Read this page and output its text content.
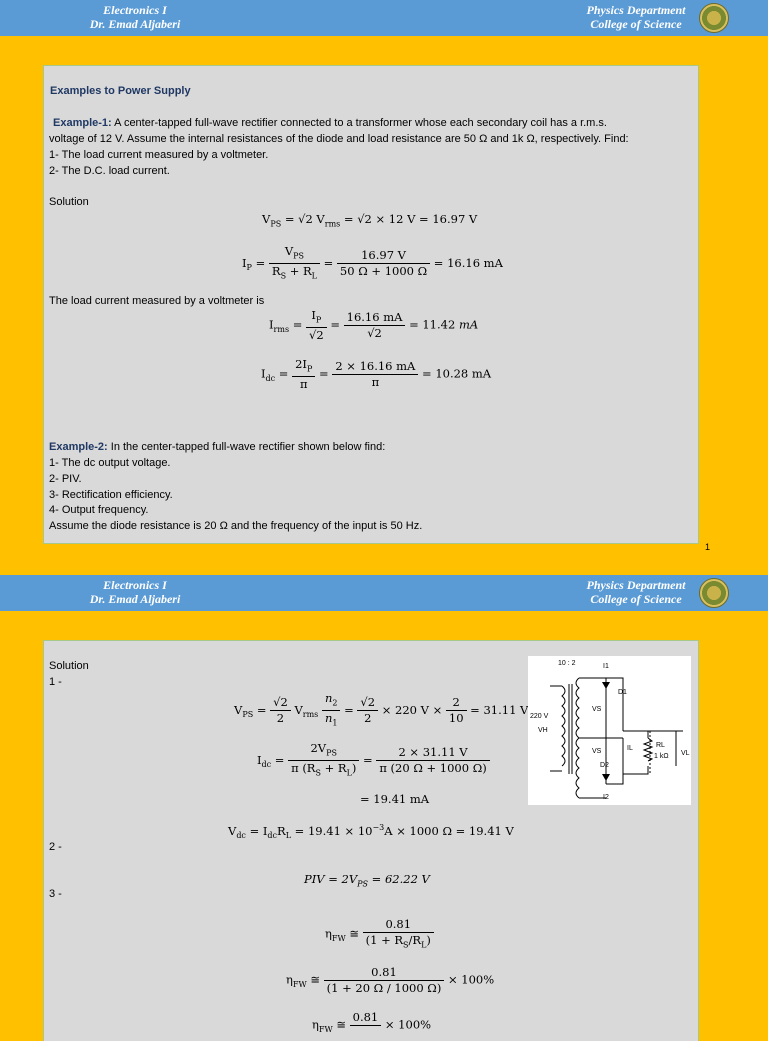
Electronics I
Dr. Emad Aljaberi
Physics Department
College of Science
Examples to Power Supply
Example-1: A center-tapped full-wave rectifier connected to a transformer whose each secondary coil has a r.m.s.
voltage of 12 V. Assume the internal resistances of the diode and load resistance are 50 Ω and 1k Ω, respectively. Find:
1- The load current measured by a voltmeter.
2- The D.C. load current.
Solution
$V_{PS} = √2$ $V_{rms} = √2 \times 12$ V = 16.97 V
$I_P = \frac{V_{PS}}{R_S + R_L} = \frac{16.97 V}{50 \Omega + 1000 \Omega} = 16.16$ mA
The load current measured by a voltmeter is
$I_{rms} = \frac{I_P}{√2} = \frac{16.16 mA}{√2} = 11.42$ mA
$I_{dc} = \frac{2I_P}{\pi} = \frac{2 \times 16.16 mA}{\pi} = 10.28$ mA
Example-2: In the center-tapped full-wave rectifier shown below find:
1- The dc output voltage.
2- PIV.
3- Rectification efficiency.
4- Output frequency.
Assume the diode resistance is 20 Ω and the frequency of the input is 50 Hz.
1
Electronics I
Dr. Emad Aljaberi
Physics Department
College of Science
Solution
1 -
$V_{PS} = \frac{√2}{2} V_{rms} \frac{n_2}{n_1} = \frac{√2}{2} \times 220$ $V \times \frac{2}{10} = 31.11$ V
$I_{dc} = \frac{2V_{PS}}{\pi (R_S + R_L)} = \frac{2 \times 31.11 V}{\pi (20 \Omega + 1000 \Omega)}$
= 19.41 mA
$V_{dc} = I_{dc}R_L = 19.41 \times 10^{-3}A \times 1000$ Ω = 19.41 V
2 -
PIV = $2V_{PS} = 62.22$ V
3 -
$\eta_{FW}$ ≅ $\frac{0.81}{(1 + R_S/R_L)}$
$\eta_{FW}$ ≅ $\frac{0.81}{(1 + 20 \Omega / 1000 \Omega)} \times 100\%$
$\eta_{FW}$ ≅
0.81

× 100%
10 : 2
220 V
VH
VS
VS
D1
D2
I1
I2
IL	RL
1 kΩ VL
